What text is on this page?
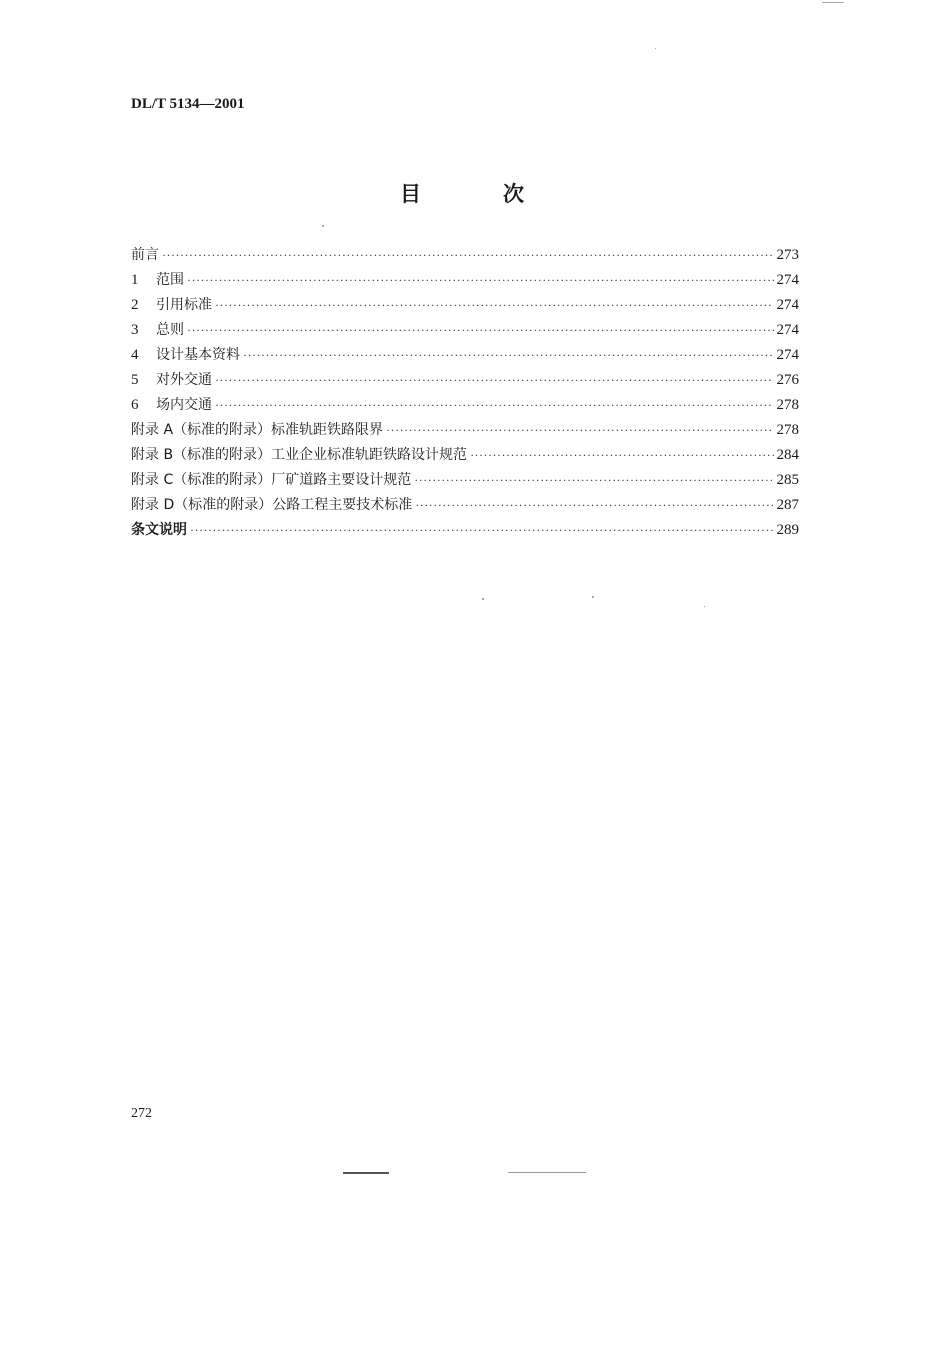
DL/T 5134—2001
目	次
前言 ·····	273
1 范围 ·····	274
2 引用标准 ·····	274
3 总则 ·····	274
4 设计基本资料 ·····	274
5 对外交通 ·····	276
6 场内交通 ·····	278
附录 A（标准的附录）标准轨距铁路限界 ·····	278
附录 B（标准的附录）工业企业标准轨距铁路设计规范 ·····	284
附录 C（标准的附录）厂矿道路主要设计规范 ·····	285
附录 D（标准的附录）公路工程主要技术标准 ·····	287
条文说明 ·····	289
272
